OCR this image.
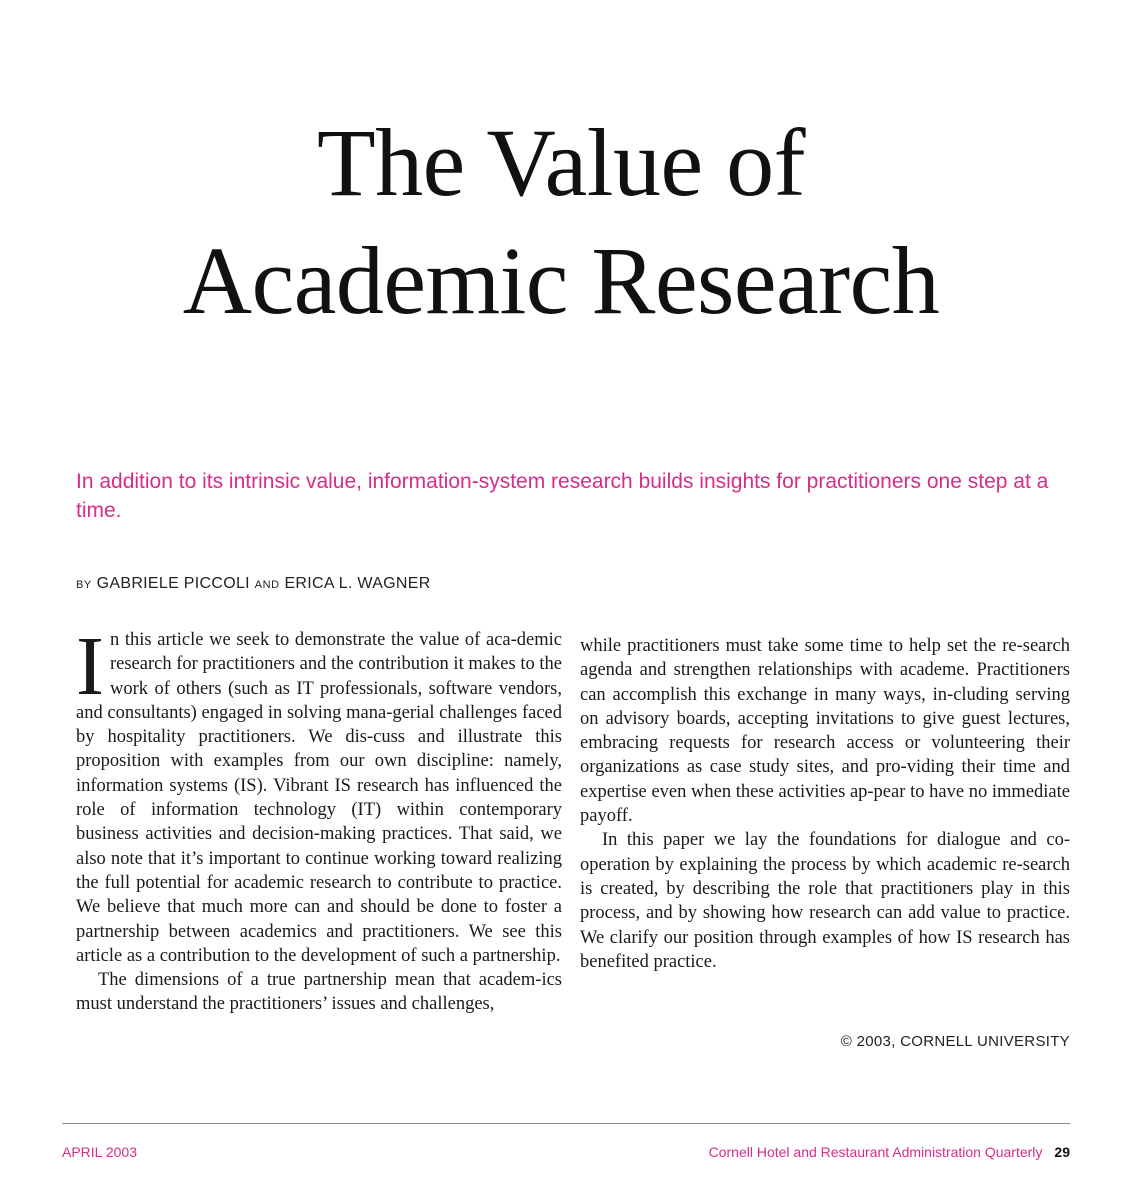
The Value of
Academic Research

In addition to its intrinsic value, information-system research builds insights for practitioners one step at a time.

BY GABRIELE PICCOLI AND ERICA L. WAGNER

In this article we seek to demonstrate the value of aca-demic research for practitioners and the contribution it makes to the work of others (such as IT professionals, software vendors, and consultants) engaged in solving mana-gerial challenges faced by hospitality practitioners. We dis-cuss and illustrate this proposition with examples from our own discipline: namely, information systems (IS). Vibrant IS research has influenced the role of information technology (IT) within contemporary business activities and decision-making practices. That said, we also note that it’s important to continue working toward realizing the full potential for academic research to contribute to practice. We believe that much more can and should be done to foster a partnership between academics and practitioners. We see this article as a contribution to the development of such a partnership.

The dimensions of a true partnership mean that academ-ics must understand the practitioners’ issues and challenges,

while practitioners must take some time to help set the re-search agenda and strengthen relationships with academe. Practitioners can accomplish this exchange in many ways, in-cluding serving on advisory boards, accepting invitations to give guest lectures, embracing requests for research access or volunteering their organizations as case study sites, and pro-viding their time and expertise even when these activities ap-pear to have no immediate payoff.

In this paper we lay the foundations for dialogue and co-operation by explaining the process by which academic re-search is created, by describing the role that practitioners play in this process, and by showing how research can add value to practice. We clarify our position through examples of how IS research has benefited practice.

© 2003, CORNELL UNIVERSITY
APRIL 2003	Cornell Hotel and Restaurant Administration Quarterly 29
